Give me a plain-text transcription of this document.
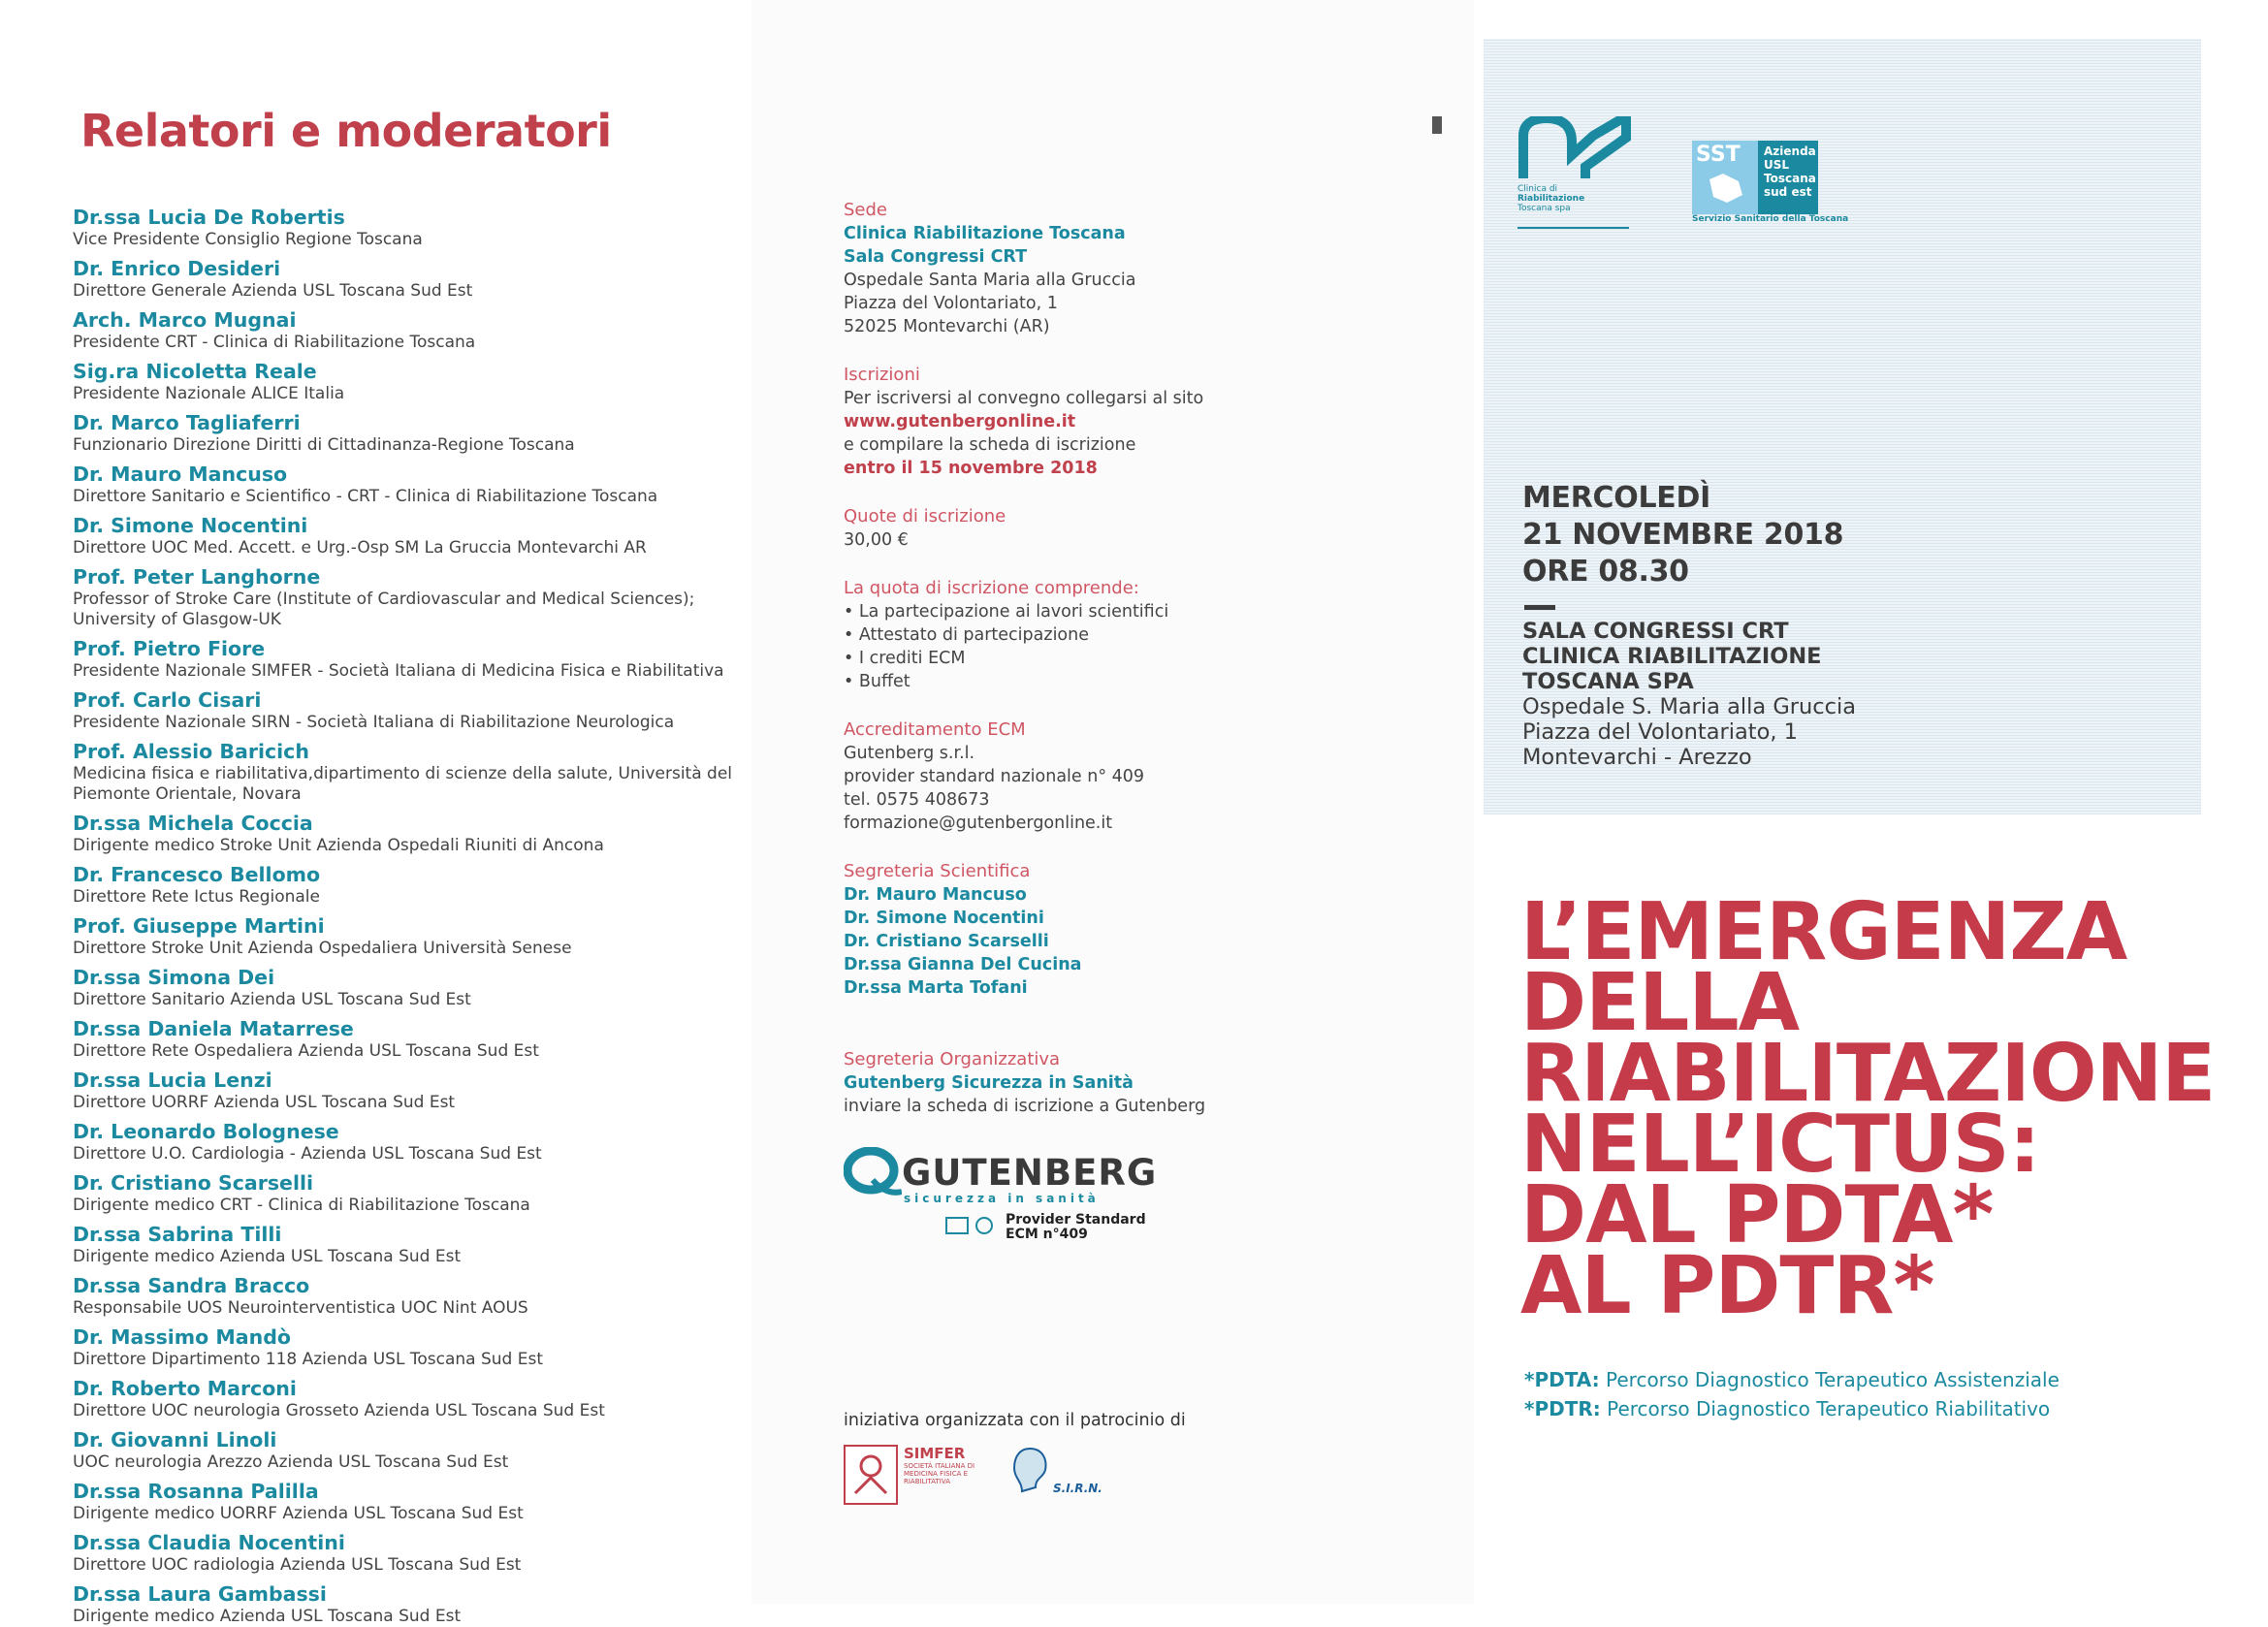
Relatori e moderatori
Dr.ssa Lucia De Robertis
Vice Presidente Consiglio Regione Toscana
Dr. Enrico Desideri
Direttore Generale Azienda USL Toscana Sud Est
Arch. Marco Mugnai
Presidente CRT - Clinica di Riabilitazione Toscana
Sig.ra Nicoletta Reale
Presidente Nazionale ALICE Italia
Dr. Marco Tagliaferri
Funzionario Direzione Diritti di Cittadinanza-Regione Toscana
Dr. Mauro Mancuso
Direttore Sanitario e Scientifico - CRT - Clinica di Riabilitazione Toscana
Dr. Simone Nocentini
Direttore UOC Med. Accett. e Urg.-Osp SM La Gruccia Montevarchi AR
Prof. Peter Langhorne
Professor of Stroke Care (Institute of Cardiovascular and Medical Sciences); University of Glasgow-UK
Prof. Pietro Fiore
Presidente Nazionale SIMFER - Società Italiana di Medicina Fisica e Riabilitativa
Prof. Carlo Cisari
Presidente Nazionale SIRN - Società Italiana di Riabilitazione Neurologica
Prof. Alessio Baricich
Medicina fisica e riabilitativa,dipartimento di scienze della salute, Università del Piemonte Orientale, Novara
Dr.ssa Michela Coccia
Dirigente medico Stroke Unit Azienda Ospedali Riuniti di Ancona
Dr. Francesco Bellomo
Direttore Rete Ictus Regionale
Prof. Giuseppe Martini
Direttore Stroke Unit Azienda Ospedaliera Università Senese
Dr.ssa Simona Dei
Direttore Sanitario Azienda USL Toscana Sud Est
Dr.ssa Daniela Matarrese
Direttore Rete Ospedaliera Azienda USL Toscana Sud Est
Dr.ssa Lucia Lenzi
Direttore UORRF Azienda USL Toscana Sud Est
Dr. Leonardo Bolognese
Direttore U.O. Cardiologia - Azienda USL Toscana Sud Est
Dr. Cristiano Scarselli
Dirigente medico CRT - Clinica di Riabilitazione Toscana
Dr.ssa Sabrina Tilli
Dirigente medico Azienda USL Toscana Sud Est
Dr.ssa Sandra Bracco
Responsabile UOS Neurointerventistica UOC Nint AOUS
Dr. Massimo Mandò
Direttore Dipartimento 118 Azienda USL Toscana Sud Est
Dr. Roberto Marconi
Direttore UOC neurologia Grosseto Azienda USL Toscana Sud Est
Dr. Giovanni Linoli
UOC neurologia Arezzo Azienda USL Toscana Sud Est
Dr.ssa Rosanna Palilla
Dirigente medico UORRF Azienda USL Toscana Sud Est
Dr.ssa Claudia Nocentini
Direttore UOC radiologia Azienda USL Toscana Sud Est
Dr.ssa Laura Gambassi
Dirigente medico Azienda USL Toscana Sud Est
Sede
Clinica Riabilitazione Toscana
Sala Congressi CRT
Ospedale Santa Maria alla Gruccia
Piazza del Volontariato, 1
52025 Montevarchi (AR)
Iscrizioni
Per iscriversi al convegno collegarsi al sito
www.gutenbergonline.it
e compilare la scheda di iscrizione
entro il 15 novembre 2018
Quote di iscrizione
30,00 €
La quota di iscrizione comprende:
• La partecipazione ai lavori scientifici
• Attestato di partecipazione
• I crediti ECM
• Buffet
Accreditamento ECM
Gutenberg s.r.l.
provider standard nazionale n° 409
tel. 0575 408673
formazione@gutenbergonline.it
Segreteria Scientifica
Dr. Mauro Mancuso
Dr. Simone Nocentini
Dr. Cristiano Scarselli
Dr.ssa Gianna Del Cucina
Dr.ssa Marta Tofani
Segreteria Organizzativa
Gutenberg Sicurezza in Sanità
inviare la scheda di iscrizione a Gutenberg
GUTENBERG
sicurezza in sanità
Provider Standard
ECM n°409
iniziativa organizzata con il patrocinio di
SIMFER
SOCIETÀ ITALIANA DI MEDICINA FISICA E RIABILITATIVA	S.I.R.N.
Clinica di
Riabilitazione
Toscana spa
SST Azienda
USL
Toscana
sud est
Servizio Sanitario della Toscana
MERCOLEDÌ
21 NOVEMBRE 2018
ORE 08.30
SALA CONGRESSI CRT
CLINICA RIABILITAZIONE
TOSCANA SPA
Ospedale S. Maria alla Gruccia
Piazza del Volontariato, 1
Montevarchi - Arezzo
L’EMERGENZA
DELLA
RIABILITAZIONE
NELL’ICTUS:
DAL PDTA*
AL PDTR*
*PDTA: Percorso Diagnostico Terapeutico Assistenziale
*PDTR: Percorso Diagnostico Terapeutico Riabilitativo
